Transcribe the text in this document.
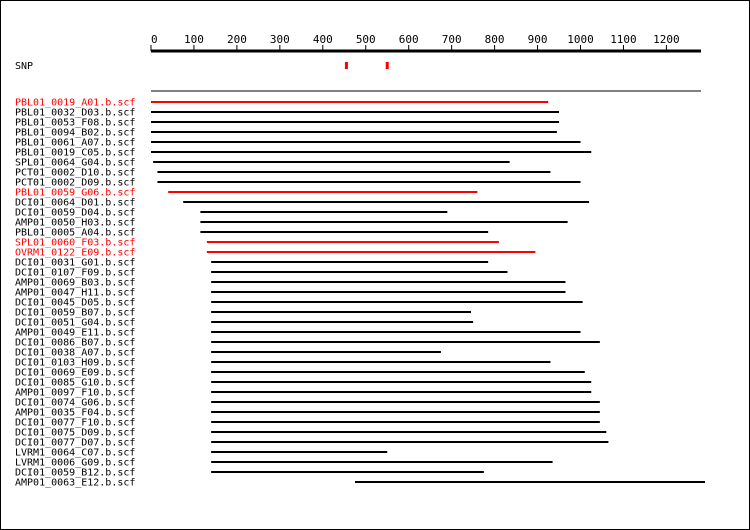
0 100 200 300 400 500 600 700 800 900 1000 1100 1200
SNP
PBL01_0019_A01.b.scf
PBL01_0032_D03.b.scf
PBL01_0053_F08.b.scf
PBL01_0094_B02.b.scf
PBL01_0061_A07.b.scf
PBL01_0019_C05.b.scf
SPL01_0064_G04.b.scf
PCT01_0002_D10.b.scf
PCT01_0002_D09.b.scf
PBL01_0059_G06.b.scf
DCI01_0064_D01.b.scf
DCI01_0059_D04.b.scf
AMP01_0050_H03.b.scf
PBL01_0005_A04.b.scf
SPL01_0060_F03.b.scf
OVRM1_0122_E09.b.scf
DCI01_0031_G01.b.scf
DCI01_0107_F09.b.scf
AMP01_0069_B03.b.scf
AMP01_0047_H11.b.scf
DCI01_0045_D05.b.scf
DCI01_0059_B07.b.scf
DCI01_0051_G04.b.scf
AMP01_0049_E11.b.scf
DCI01_0086_B07.b.scf
DCI01_0038_A07.b.scf
DCI01_0103_H09.b.scf
DCI01_0069_E09.b.scf
DCI01_0085_G10.b.scf
AMP01_0097_F10.b.scf
DCI01_0074_G06.b.scf
AMP01_0035_F04.b.scf
DCI01_0077_F10.b.scf
DCI01_0075_D09.b.scf
DCI01_0077_D07.b.scf
LVRM1_0064_C07.b.scf
LVRM1_0006_G09.b.scf
DCI01_0059_B12.b.scf
AMP01_0063_E12.b.scf
